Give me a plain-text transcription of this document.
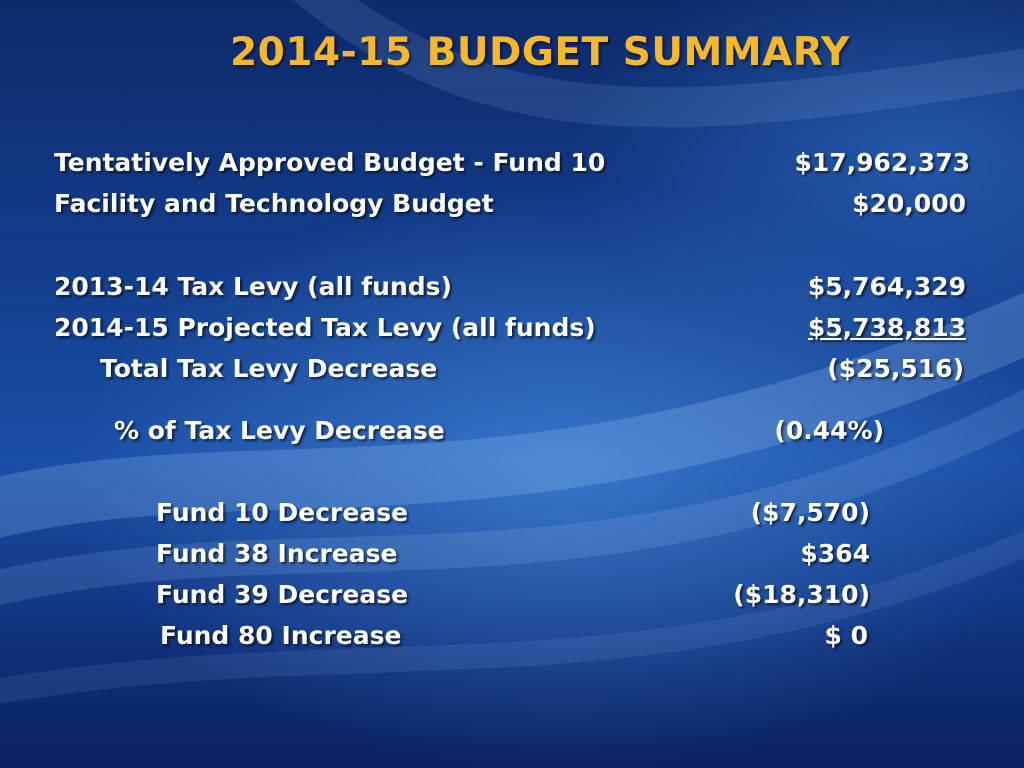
2014-15 BUDGET SUMMARY
Tentatively Approved Budget - Fund 10	$17,962,373
Facility and Technology Budget	$20,000
2013-14 Tax Levy (all funds)	$5,764,329
2014-15 Projected Tax Levy (all funds)	$5,738,813
Total Tax Levy Decrease	($25,516)
% of Tax Levy Decrease	(0.44%)
Fund 10 Decrease	($7,570)
Fund 38 Increase	$364
Fund 39 Decrease	($18,310)
Fund 80 Increase	$ 0
